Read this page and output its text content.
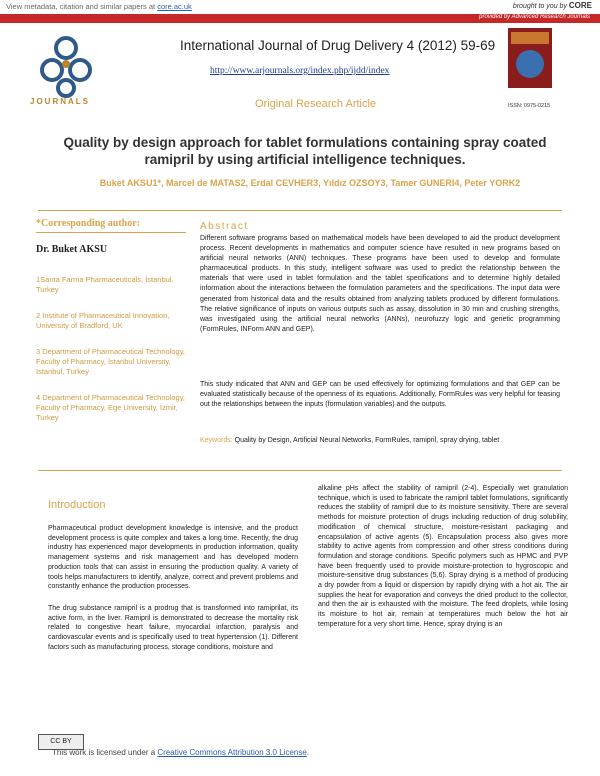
View metadata, citation and similar papers at core.ac.uk	brought to you by CORE
provided by Advanced Research Journals
JOURNALS
International Journal of Drug Delivery 4 (2012) 59-69
http://www.arjournals.org/index.php/ijdd/index
ISSN: 0975-0215
Original Research Article
Quality by design approach for tablet formulations containing spray coated ramipril by using artificial intelligence techniques.
Buket AKSU1*, Marcel de MATAS2, Erdal CEVHER3, Yıldız OZSOY3, Tamer GUNERI4, Peter YORK2
*Corresponding author:
Dr. Buket AKSU
1Santa Farma Pharmaceuticals, İstanbul, Turkey
2 Institute of Pharmaceutical Innovation, University of Bradford, UK
3 Department of Pharmaceutical Technology, Faculty of Pharmacy, İstanbul University, İstanbul, Turkey
4 Department of Pharmaceutical Technology, Faculty of Pharmacy, Ege University, İzmir, Turkey
Abstract
Different software programs based on mathematical models have been developed to aid the product development process. Recent developments in mathematics and computer science have resulted in new programs based on artificial neural networks (ANN) techniques. These programs have been used to develop and formulate pharmaceutical products. In this study, intelligent software was used to predict the relationship between the materials that were used in tablet formulation and the tablet specifications and to determine highly detailed information about the interactions between the formulation parameters and the specifications. The input data were generated from historical data and the results obtained from analyzing tablets produced by different formulations. The relative significance of inputs on various outputs such as assay, dissolution in 30 min and crushing strengths, was investigated using the artificial neural networks (ANNs), neurofuzzy logic and genetic programming (FormRules, INForm ANN and GEP).
This study indicated that ANN and GEP can be used effectively for optimizing formulations and that GEP can be evaluated statistically because of the openness of its equations. Additionally, FormRules was very helpful for teasing out the relationships between the inputs (formulation variables) and the outputs.
Keywords: Quality by Design, Artificial Neural Networks, FormRules, ramipril, spray drying, tablet
Introduction
Pharmaceutical product development knowledge is intensive, and the product development process is quite complex and takes a long time. Recently, the drug industry has experienced major developments in production information, quality management systems and risk management and has developed modern production tools that can assist in ensuring the production quality. A variety of tools helps manufacturers to identify, analyze, correct and prevent problems and constantly enhance the production processes.
The drug substance ramipril is a prodrug that is transformed into ramiprilat, its active form, in the liver. Ramipril is demonstrated to decrease the mortality risk related to congestive heart failure, myocardial infarction, paralysis and cardiovascular events and is specifically used to treat hypertension (1). Different factors such as manufacturing process, storage conditions, moisture and
alkaline pHs affect the stability of ramipril (2-4). Especially wet granulation technique, which is used to fabricate the ramipril tablet formulations, significantly reduces the stability of ramipril due to its moisture sensitivity. There are several methods for moisture protection of drugs including reduction of drug solubility, modification of chemical structure, moisture-resistant packaging and encapsulation of active agents (5). Encapsulation process also gives more stability to active agents from compression and other stress conditions during formulation and storage conditions. Specific polymers such as HPMC and PVP have been frequently used to provide moisture-protection to hygroscopic and moisture-sensitive drug substances (5,6). Spray drying is a method of producing a dry powder from a liquid or dispersion by rapidly drying with a hot air. The air supplies the heat for evaporation and conveys the dried product to the collector, and then the air is exhausted with the moisture. The feed droplets, while losing its moisture to hot air, remain at temperatures much below the hot air temperature for a very short time. Hence, spray drying is an
CC BY
This work is licensed under a Creative Commons Attribution 3.0 License.
